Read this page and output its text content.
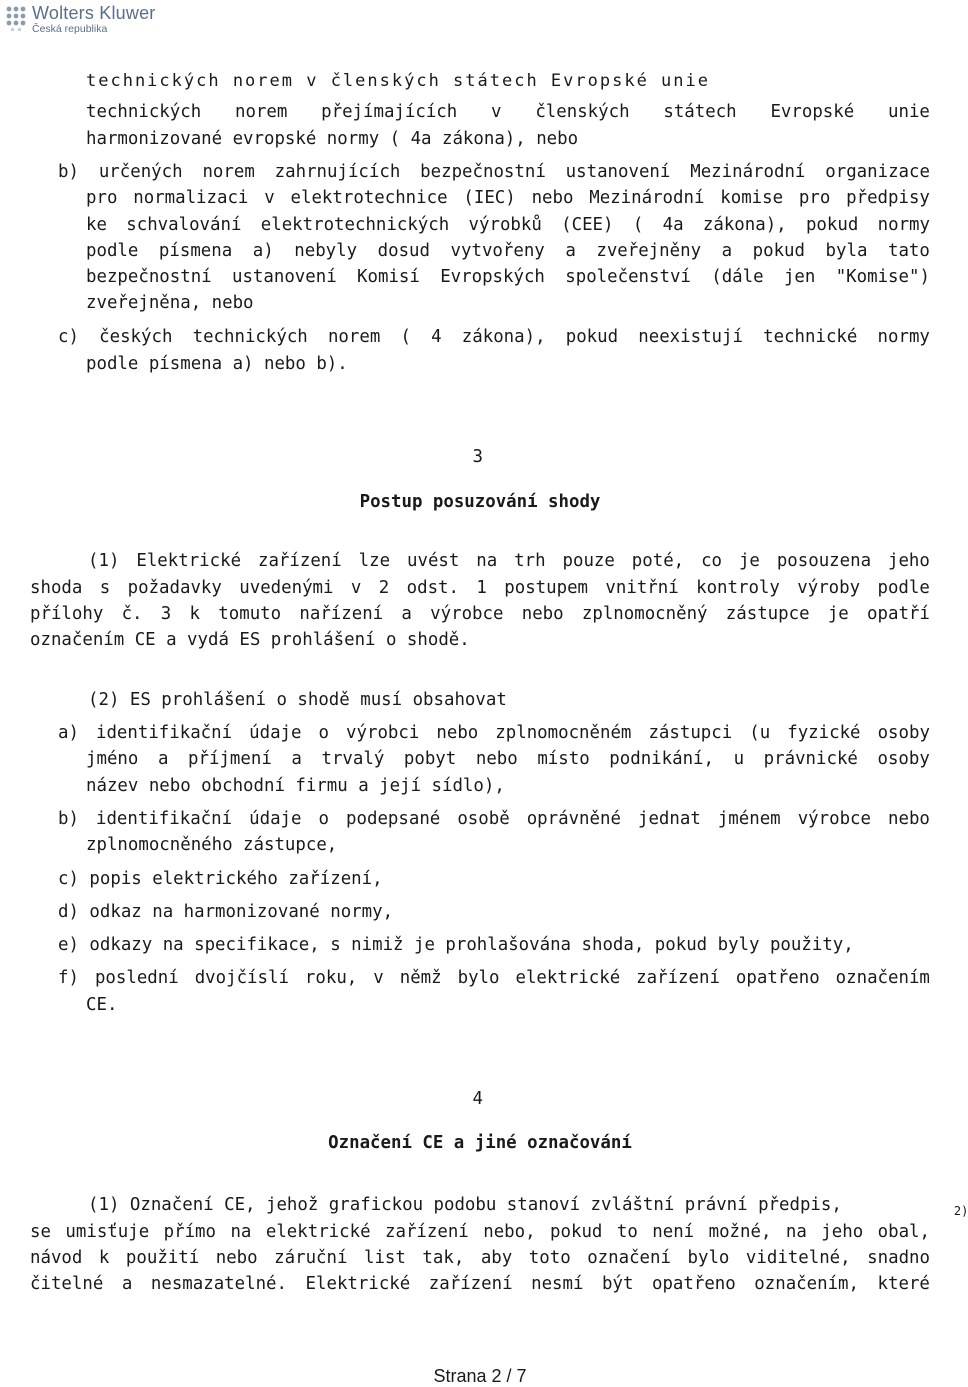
Wolters Kluwer
Česká republika
technických norem v členských státech Evropské unie
technických norem přejímajících v členských státech Evropské unie
harmonizované evropské normy ( 4a zákona), nebo
b) určených norem zahrnujících bezpečnostní ustanovení Mezinárodní organizace
pro normalizaci v elektrotechnice (IEC) nebo Mezinárodní komise pro předpisy
ke schvalování elektrotechnických výrobků (CEE) ( 4a zákona), pokud normy
podle písmena a) nebyly dosud vytvořeny a zveřejněny a pokud byla tato
bezpečnostní ustanovení Komisí Evropských společenství (dále jen "Komise")
zveřejněna, nebo
c) českých technických norem ( 4 zákona), pokud neexistují technické normy
podle písmena a) nebo b).
3
Postup posuzování shody
(1) Elektrické zařízení lze uvést na trh pouze poté, co je posouzena jeho
shoda s požadavky uvedenými v 2 odst. 1 postupem vnitřní kontroly výroby podle
přílohy č. 3 k tomuto nařízení a výrobce nebo zplnomocněný zástupce je opatří
označením CE a vydá ES prohlášení o shodě.
(2) ES prohlášení o shodě musí obsahovat
a) identifikační údaje o výrobci nebo zplnomocněném zástupci (u fyzické osoby
jméno a příjmení a trvalý pobyt nebo místo podnikání, u právnické osoby
název nebo obchodní firmu a její sídlo),
b) identifikační údaje o podepsané osobě oprávněné jednat jménem výrobce nebo
zplnomocněného zástupce,
c) popis elektrického zařízení,
d) odkaz na harmonizované normy,
e) odkazy na specifikace, s nimiž je prohlašována shoda, pokud byly použity,
f) poslední dvojčíslí roku, v němž bylo elektrické zařízení opatřeno označením
CE.
4
Označení CE a jiné označování
(1) Označení CE, jehož grafickou podobu stanoví zvláštní právní předpis,	$^{2)}$

se umisťuje přímo na elektrické zařízení nebo, pokud to není možné, na jeho obal,
návod k použití nebo záruční list tak, aby toto označení bylo viditelné, snadno
čitelné a nesmazatelné. Elektrické zařízení nesmí být opatřeno označením, které
Strana 2 / 7
